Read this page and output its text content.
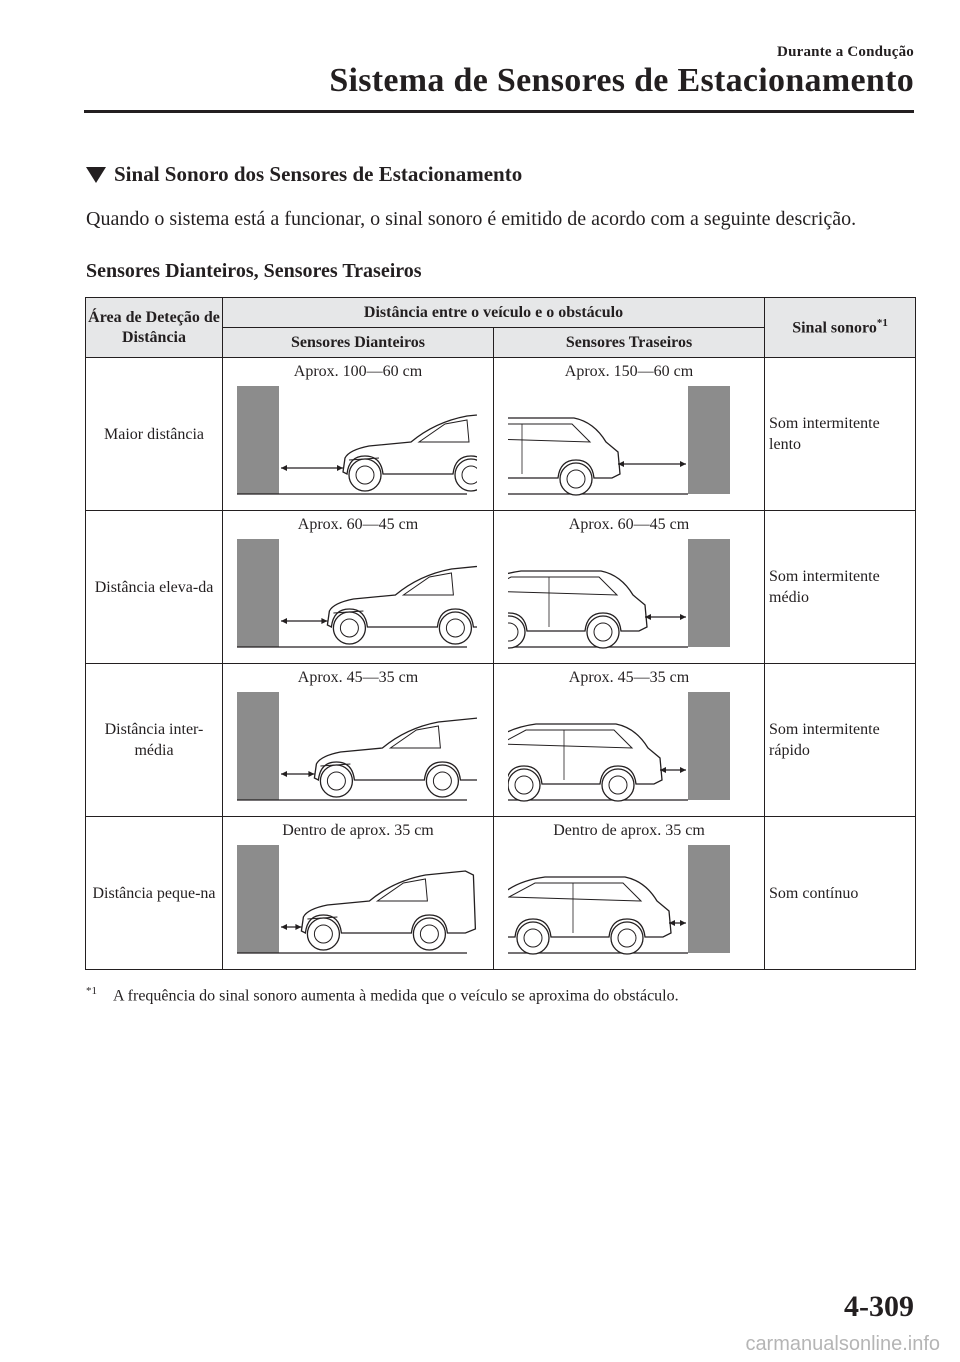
Durante a Condução
Sistema de Sensores de Estacionamento
Sinal Sonoro dos Sensores de Estacionamento
Quando o sistema está a funcionar, o sinal sonoro é emitido de acordo com a seguinte descrição.
Sensores Dianteiros, Sensores Traseiros
Área de Deteção de Distância	Distância entre o veículo e o obstáculo		Sinal sonoro$^{*1}$
	Sensores Dianteiros	Sensores Traseiros	
Maior distância	Aprox. 100―60 cm	Aprox. 150―60 cm	Som intermitente lento
Distância eleva-da	Aprox. 60―45 cm	Aprox. 60―45 cm	Som intermitente médio
Distância inter-média	Aprox. 45―35 cm	Aprox. 45―35 cm	Som intermitente rápido
Distância peque-na	Dentro de aprox. 35 cm	Dentro de aprox. 35 cm	Som contínuo
$^{*1}$ A frequência do sinal sonoro aumenta à medida que o veículo se aproxima do obstáculo.
4-309
carmanualsonline.info
